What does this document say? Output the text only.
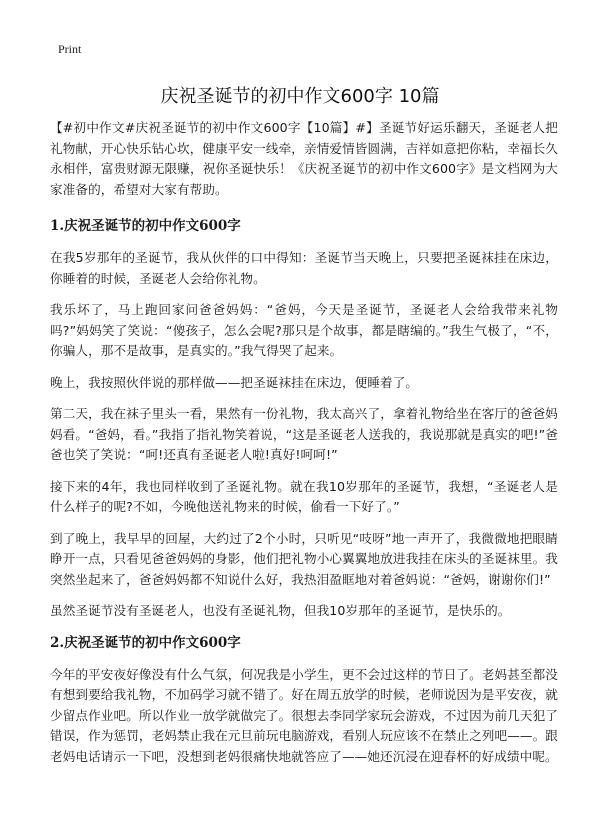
Print
庆祝圣诞节的初中作文600字 10篇

【#初中作文#庆祝圣诞节的初中作文600字【10篇】#】圣诞节好运乐翻天，圣诞老人把礼物献，开心快乐钻心坎，健康平安一线牵，亲情爱情皆圆满，吉祥如意把你粘，幸福长久永相伴，富贵财源无限赚，祝你圣诞快乐！《庆祝圣诞节的初中作文600字》是文档网为大家准备的，希望对大家有帮助。

1.庆祝圣诞节的初中作文600字

在我5岁那年的圣诞节，我从伙伴的口中得知：圣诞节当天晚上，只要把圣诞袜挂在床边，你睡着的时候，圣诞老人会给你礼物。

我乐坏了，马上跑回家问爸爸妈妈：“爸妈，今天是圣诞节，圣诞老人会给我带来礼物吗?”妈妈笑了笑说：“傻孩子，怎么会呢?那只是个故事，都是瞎编的。”我生气极了，“不，你骗人，那不是故事，是真实的。”我气得哭了起来。

晚上，我按照伙伴说的那样做——把圣诞袜挂在床边，便睡着了。

第二天，我在袜子里头一看，果然有一份礼物，我太高兴了，拿着礼物给坐在客厅的爸爸妈妈看。“爸妈，看。”我指了指礼物笑着说，“这是圣诞老人送我的，我说那就是真实的吧!”爸爸也笑了笑说：“呵!还真有圣诞老人啦!真好!呵呵!”

接下来的4年，我也同样收到了圣诞礼物。就在我10岁那年的圣诞节，我想，“圣诞老人是什么样子的呢?不如，今晚他送礼物来的时候，偷看一下好了。”

到了晚上，我早早的回屋，大约过了2个小时，只听见“吱呀”地一声开了，我微微地把眼睛睁开一点，只看见爸爸妈妈的身影，他们把礼物小心翼翼地放进我挂在床头的圣诞袜里。我突然坐起来了，爸爸妈妈都不知说什么好，我热泪盈眶地对着爸妈说：“爸妈，谢谢你们!”

虽然圣诞节没有圣诞老人，也没有圣诞礼物，但我10岁那年的圣诞节，是快乐的。

2.庆祝圣诞节的初中作文600字

今年的平安夜好像没有什么气氛，何况我是小学生，更不会过这样的节日了。老妈甚至都没有想到要给我礼物，不加码学习就不错了。好在周五放学的时候，老师说因为是平安夜，就少留点作业吧。所以作业一放学就做完了。很想去李同学家玩会游戏，不过因为前几天犯了错误，作为惩罚，老妈禁止我在元旦前玩电脑游戏，看别人玩应该不在禁止之列吧——。跟老妈电话请示一下吧，没想到老妈很痛快地就答应了——她还沉浸在迎春杯的好成绩中呢。
